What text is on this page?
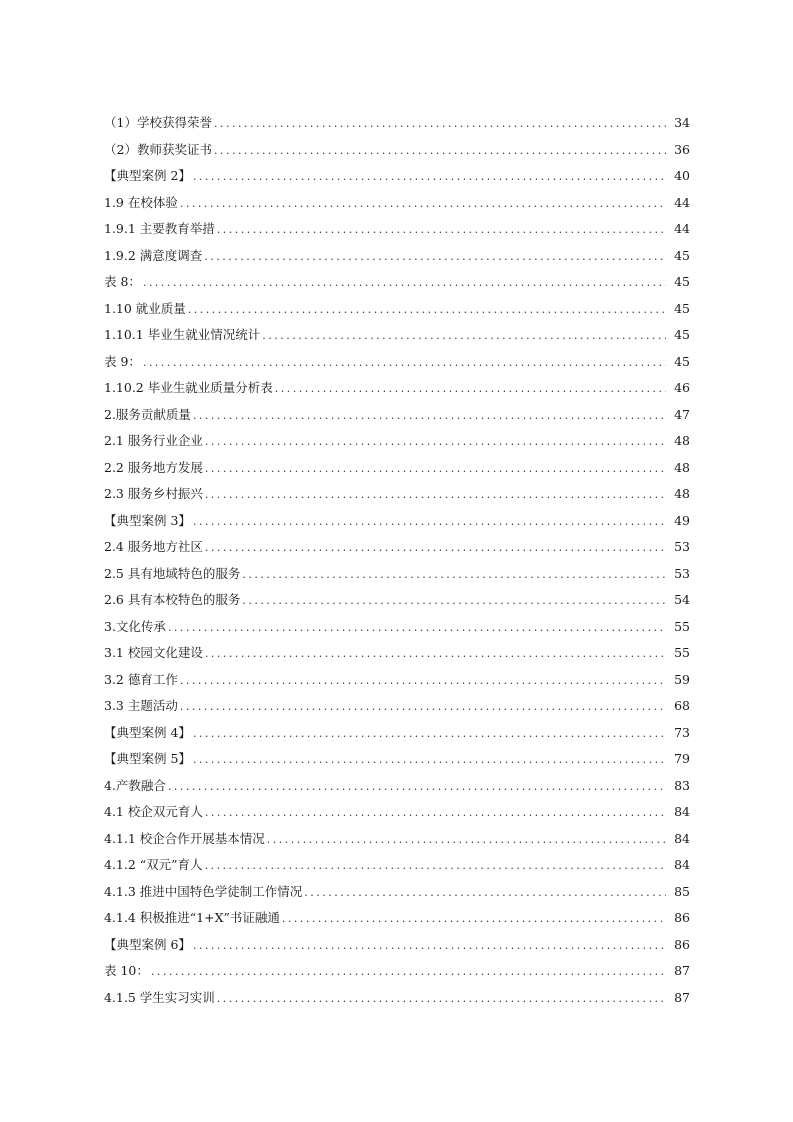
（1）学校获得荣誉 .....	34
（2）教师获奖证书 .....	36
【典型案例 2】 .....	40
1.9 在校体验 .....	44
1.9.1 主要教育举措 .....	44
1.9.2 满意度调查 .....	45
表 8： .....	45
1.10 就业质量 .....	45
1.10.1 毕业生就业情况统计 .....	45
表 9： .....	45
1.10.2 毕业生就业质量分析表 .....	46
2.服务贡献质量 .....	47
2.1 服务行业企业 .....	48
2.2 服务地方发展 .....	48
2.3 服务乡村振兴 .....	48
【典型案例 3】 .....	49
2.4 服务地方社区 .....	53
2.5 具有地域特色的服务 .....	53
2.6 具有本校特色的服务 .....	54
3.文化传承 .....	55
3.1 校园文化建设 .....	55
3.2 德育工作 .....	59
3.3 主题活动 .....	68
【典型案例 4】 .....	73
【典型案例 5】 .....	79
4.产教融合 .....	83
4.1 校企双元育人 .....	84
4.1.1 校企合作开展基本情况 .....	84
4.1.2 “双元”育人 .....	84
4.1.3 推进中国特色学徒制工作情况 .....	85
4.1.4 积极推进“1+X”书证融通 .....	86
【典型案例 6】 .....	86
表 10： .....	87
4.1.5 学生实习实训 .....	87
